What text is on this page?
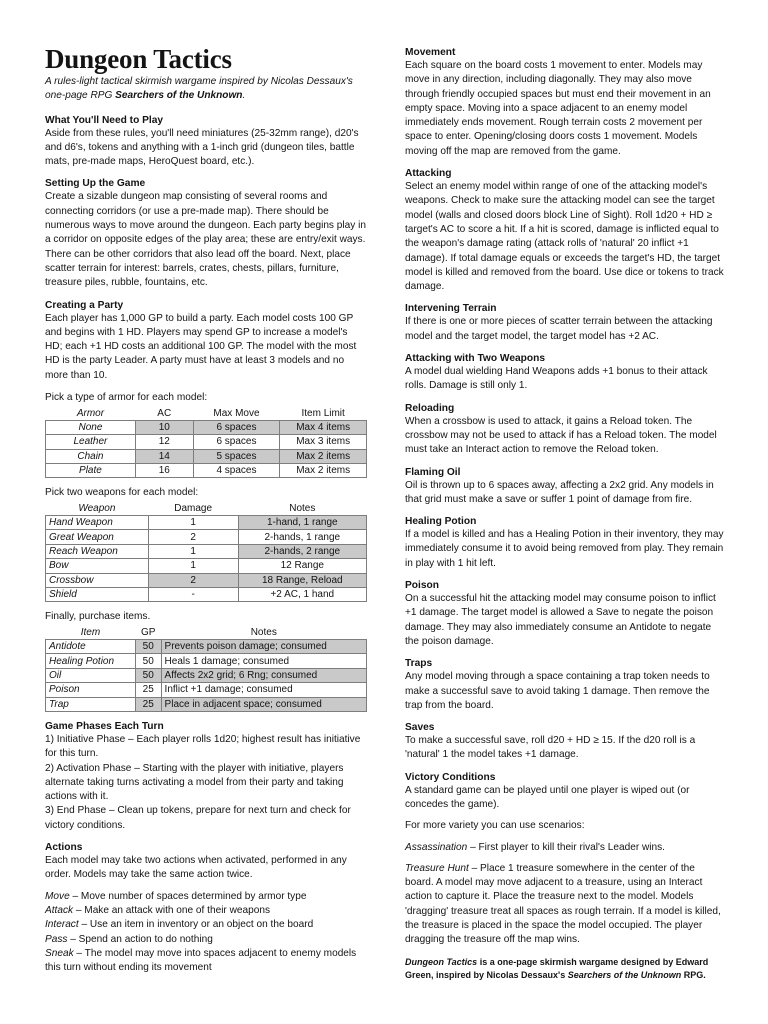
Dungeon Tactics

A rules-light tactical skirmish wargame inspired by Nicolas Dessaux's one-page RPG Searchers of the Unknown.

What You'll Need to Play

Aside from these rules, you'll need miniatures (25-32mm range), d20's and d6's, tokens and anything with a 1-inch grid (dungeon tiles, battle mats, pre-made maps, HeroQuest board, etc.).

Setting Up the Game

Create a sizable dungeon map consisting of several rooms and connecting corridors (or use a pre-made map). There should be numerous ways to move around the dungeon. Each party begins play in a corridor on opposite edges of the play area; these are entry/exit ways. There can be other corridors that also lead off the board. Next, place scatter terrain for interest: barrels, crates, chests, pillars, furniture, treasure piles, rubble, fountains, etc.

Creating a Party

Each player has 1,000 GP to build a party. Each model costs 100 GP and begins with 1 HD. Players may spend GP to increase a model's HD; each +1 HD costs an additional 100 GP. The model with the most HD is the party Leader. A party must have at least 3 models and no more than 10.

Pick a type of armor for each model:

Armor	AC	Max Move	Item Limit
None	10	6 spaces	Max 4 items
Leather	12	6 spaces	Max 3 items
Chain	14	5 spaces	Max 2 items
Plate	16	4 spaces	Max 2 items

Pick two weapons for each model:

Weapon	Damage	Notes
Hand Weapon	1	1-hand, 1 range
Great Weapon	2	2-hands, 1 range
Reach Weapon	1	2-hands, 2 range
Bow	1	12 Range
Crossbow	2	18 Range, Reload
Shield	-	+2 AC, 1 hand

Finally, purchase items.

Item	GP	Notes
Antidote	50	Prevents poison damage; consumed
Healing Potion	50	Heals 1 damage; consumed
Oil	50	Affects 2x2 grid; 6 Rng; consumed
Poison	25	Inflict +1 damage; consumed
Trap	25	Place in adjacent space; consumed
Game Phases Each Turn

1) Initiative Phase – Each player rolls 1d20; highest result has initiative for this turn.

2) Activation Phase – Starting with the player with initiative, players alternate taking turns activating a model from their party and taking actions with it.

3) End Phase – Clean up tokens, prepare for next turn and check for victory conditions.

Actions

Each model may take two actions when activated, performed in any order. Models may take the same action twice.

Move – Move number of spaces determined by armor type

Attack – Make an attack with one of their weapons

Interact – Use an item in inventory or an object on the board

Pass – Spend an action to do nothing

Sneak – The model may move into spaces adjacent to enemy models this turn without ending its movement

Movement

Each square on the board costs 1 movement to enter. Models may move in any direction, including diagonally. They may also move through friendly occupied spaces but must end their movement in an empty space. Moving into a space adjacent to an enemy model immediately ends movement. Rough terrain costs 2 movement per space to enter. Opening/closing doors costs 1 movement. Models moving off the map are removed from the game.

Attacking

Select an enemy model within range of one of the attacking model's weapons. Check to make sure the attacking model can see the target model (walls and closed doors block Line of Sight). Roll 1d20 + HD ≥ target's AC to score a hit. If a hit is scored, damage is inflicted equal to the weapon's damage rating (attack rolls of 'natural' 20 inflict +1 damage). If total damage equals or exceeds the target's HD, the target model is killed and removed from the board. Use dice or tokens to track damage.

Intervening Terrain

If there is one or more pieces of scatter terrain between the attacking model and the target model, the target model has +2 AC.

Attacking with Two Weapons

A model dual wielding Hand Weapons adds +1 bonus to their attack rolls. Damage is still only 1.

Reloading

When a crossbow is used to attack, it gains a Reload token. The crossbow may not be used to attack if has a Reload token. The model must take an Interact action to remove the Reload token.

Flaming Oil

Oil is thrown up to 6 spaces away, affecting a 2x2 grid. Any models in that grid must make a save or suffer 1 point of damage from fire.

Healing Potion

If a model is killed and has a Healing Potion in their inventory, they may immediately consume it to avoid being removed from play. They remain in play with 1 hit left.

Poison

On a successful hit the attacking model may consume poison to inflict +1 damage. The target model is allowed a Save to negate the poison damage. They may also immediately consume an Antidote to negate the poison damage.

Traps

Any model moving through a space containing a trap token needs to make a successful save to avoid taking 1 damage. Then remove the trap from the board.

Saves

To make a successful save, roll d20 + HD ≥ 15. If the d20 roll is a 'natural' 1 the model takes +1 damage.

Victory Conditions

A standard game can be played until one player is wiped out (or concedes the game).

For more variety you can use scenarios:

Assassination – First player to kill their rival's Leader wins.

Treasure Hunt – Place 1 treasure somewhere in the center of the board. A model may move adjacent to a treasure, using an Interact action to capture it. Place the treasure next to the model. Models 'dragging' treasure treat all spaces as rough terrain. If a model is killed, the treasure is placed in the space the model occupied. The player dragging the treasure off the map wins.

Dungeon Tactics is a one-page skirmish wargame designed by Edward Green, inspired by Nicolas Dessaux's Searchers of the Unknown RPG.
